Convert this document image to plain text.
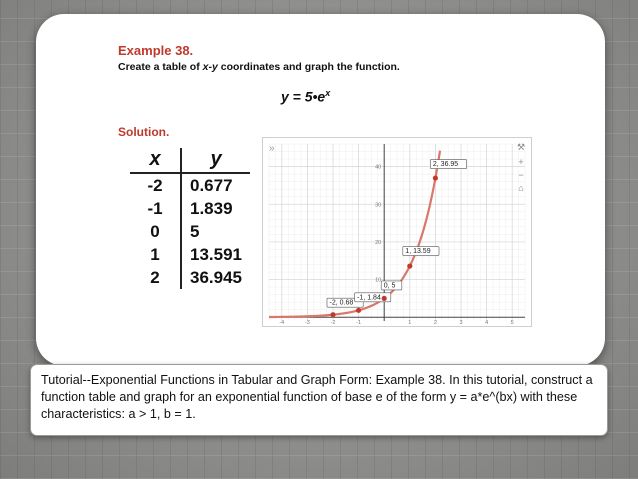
Example 38.

Create a table of x-y coordinates and graph the function.

$y = 5•e^x$

Solution.

x	y
-2	0.677
-1	1.839
0	5
1	13.591
2	36.945
-4	-3	-2	-1	1	2	3	4	5
10
20
30
40
-2, 0.68
-1, 1.84
0, 5
1, 13.59
2, 36.95
»	⚒
+
−
⌂

Tutorial--Exponential Functions in Tabular and Graph Form: Example 38. In this tutorial, construct a function table and graph for an exponential function of base e of the form y = a*e^(bx) with these characteristics: a > 1, b = 1.
